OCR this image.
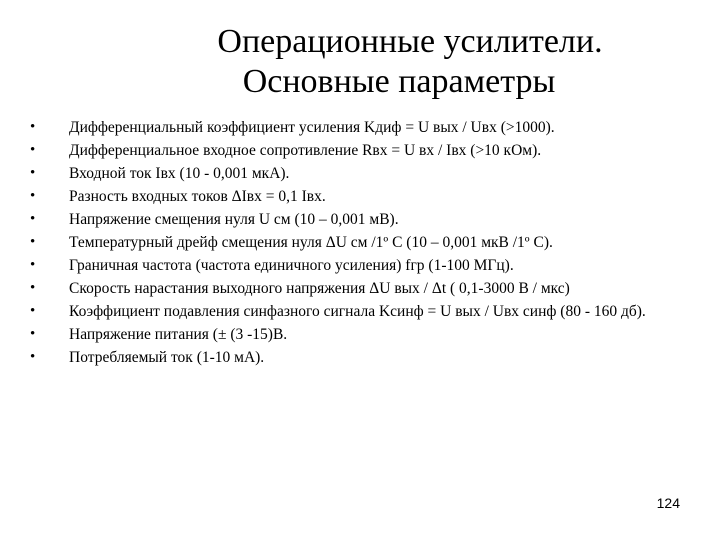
Операционные усилители.
Основные параметры
•	Дифференциальный коэффициент усиления Kдиф = U вых / Uвх (>1000).
•	Дифференциальное входное сопротивление Rвх = U вх / Iвх (>10 кОм).
•	Входной ток Iвх (10 - 0,001 мкА).
•	Разность входных токов ΔIвх = 0,1 Iвх.
•	Напряжение смещения нуля U см (10 – 0,001 мВ).
•	Температурный дрейф смещения нуля ΔU см /1º C (10 – 0,001 мкВ /1º C).
•	Граничная частота (частота единичного усиления) fгр (1-100 МГц).
•	Скорость нарастания выходного напряжения ΔU вых / Δt ( 0,1-3000 В / мкс)
•	Коэффициент подавления синфазного сигнала Kсинф = U вых / Uвх синф (80 - 160 дб).
•	Напряжение питания (± (3 -15)В.
•	Потребляемый ток (1-10 мА).
124
